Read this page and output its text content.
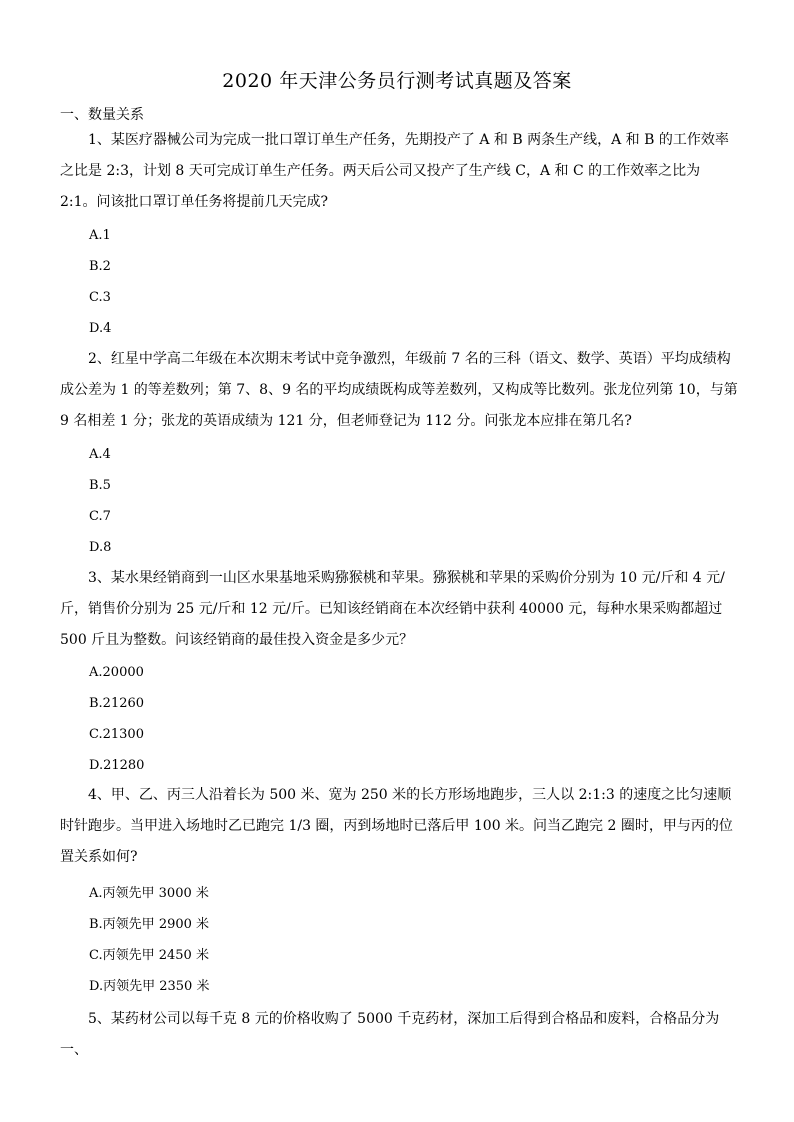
2020 年天津公务员行测考试真题及答案
一、数量关系

1、某医疗器械公司为完成一批口罩订单生产任务，先期投产了 A 和 B 两条生产线，A 和 B 的工作效率之比是 2:3，计划 8 天可完成订单生产任务。两天后公司又投产了生产线 C，A 和 C 的工作效率之比为 2:1。问该批口罩订单任务将提前几天完成?

A.1
B.2
C.3
D.4

2、红星中学高二年级在本次期末考试中竞争激烈，年级前 7 名的三科（语文、数学、英语）平均成绩构成公差为 1 的等差数列；第 7、8、9 名的平均成绩既构成等差数列，又构成等比数列。张龙位列第 10，与第 9 名相差 1 分；张龙的英语成绩为 121 分，但老师登记为 112 分。问张龙本应排在第几名?

A.4
B.5
C.7
D.8

3、某水果经销商到一山区水果基地采购猕猴桃和苹果。猕猴桃和苹果的采购价分别为 10 元/斤和 4 元/斤，销售价分别为 25 元/斤和 12 元/斤。已知该经销商在本次经销中获利 40000 元，每种水果采购都超过 500 斤且为整数。问该经销商的最佳投入资金是多少元？

A.20000
B.21260
C.21300
D.21280

4、甲、乙、丙三人沿着长为 500 米、宽为 250 米的长方形场地跑步，三人以 2:1:3 的速度之比匀速顺时针跑步。当甲进入场地时乙已跑完 1/3 圈，丙到场地时已落后甲 100 米。问当乙跑完 2 圈时，甲与丙的位置关系如何?

A.丙领先甲 3000 米
B.丙领先甲 2900 米
C.丙领先甲 2450 米
D.丙领先甲 2350 米

5、某药材公司以每千克 8 元的价格收购了 5000 千克药材，深加工后得到合格品和废料，合格品分为一、
